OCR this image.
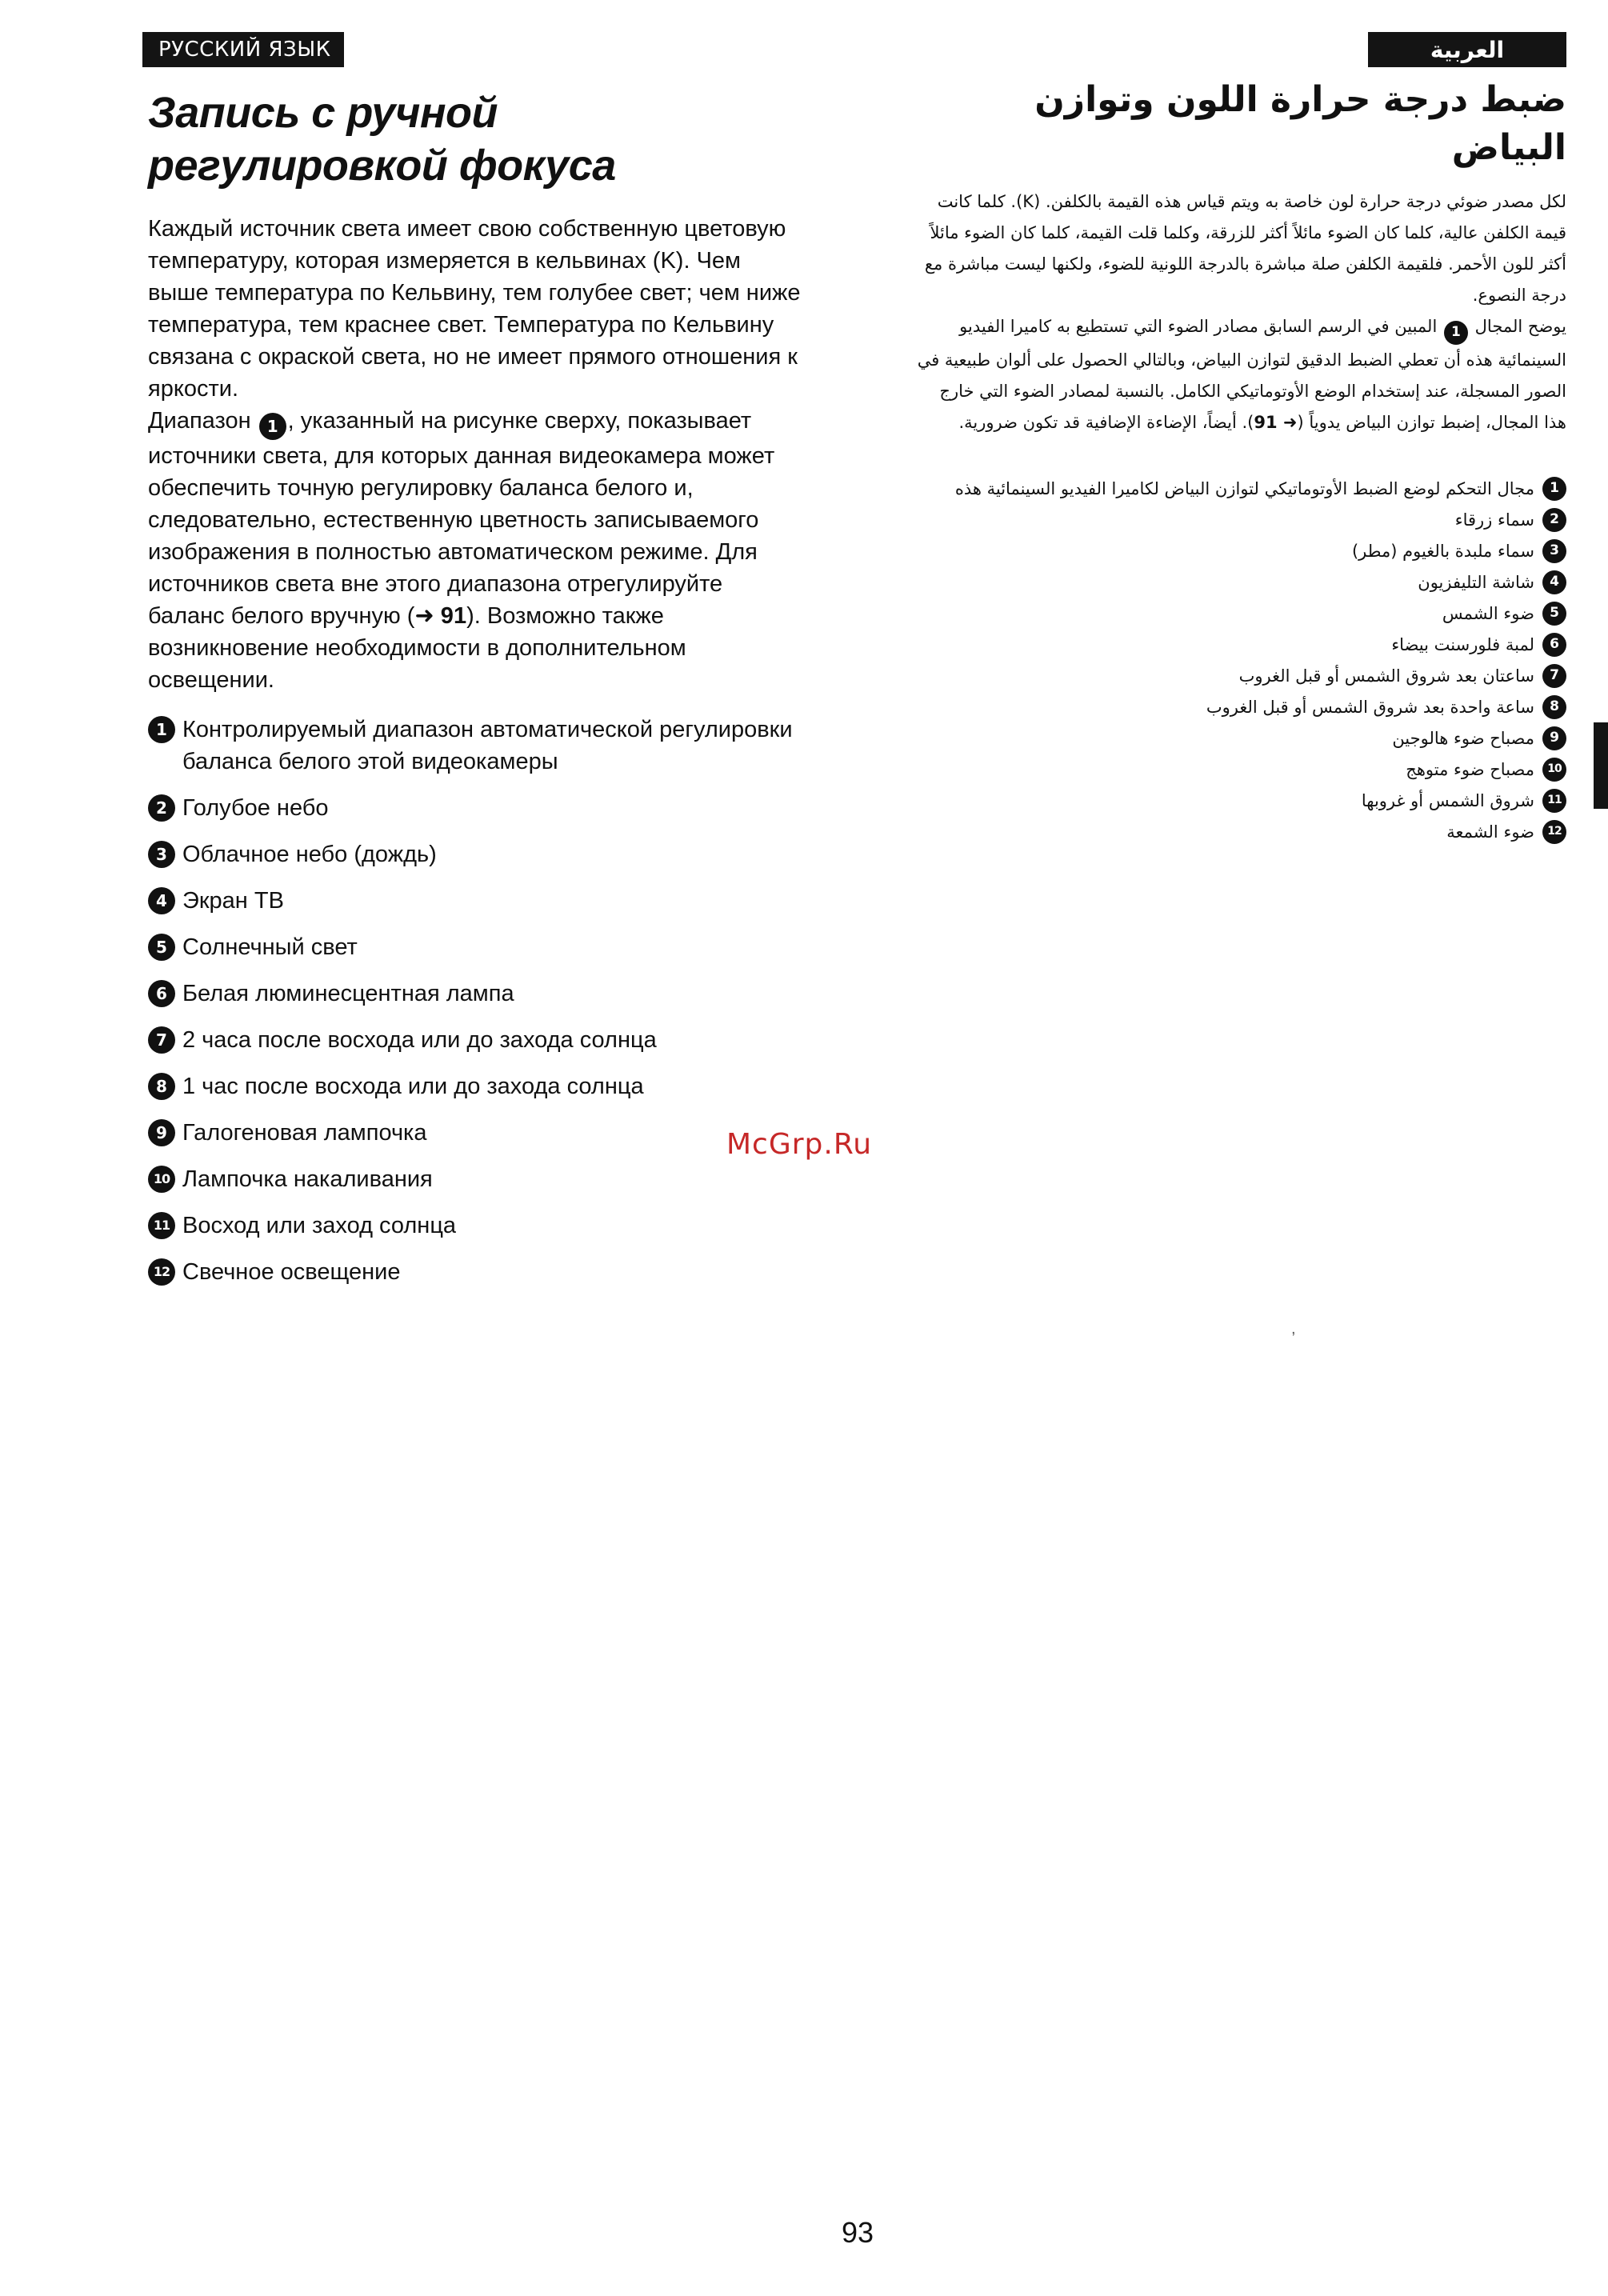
РУССКИЙ ЯЗЫК	العربية
Запись с ручной
регулировкой фокуса

Каждый источник света имеет свою собственную цветовую температуру, которая измеряется в кельвинах (K). Чем выше температура по Кельвину, тем голубее свет; чем ниже температура, тем краснее свет. Температура по Кельвину связана с окраской света, но не имеет прямого отношения к яркости.

Диапазон 1 , указанный на рисунке сверху, показывает источники света, для которых данная видеокамера может обеспечить точную регулировку баланса белого и, следовательно, естественную цветность записываемого изображения в полностью автоматическом режиме. Для источников света вне этого диапазона отрегулируйте баланс белого вручную (➜ 91). Возможно также возникновение необходимости в дополнительном освещении.

1 Контролируемый диапазон автоматической регулировки баланса белого этой видеокамеры
2 Голубое небо
3 Облачное небо (дождь)
4 Экран ТВ
5 Солнечный свет
6 Белая люминесцентная лампа
7 2 часа после восхода или до захода солнца
8 1 час после восхода или до захода солнца
9 Галогеновая лампочка
10 Лампочка накаливания
11 Восход или заход солнца
12 Свечное освещение
ضبط درجة حرارة اللون وتوازن البياض

لكل مصدر ضوئي درجة حرارة لون خاصة به ويتم قياس هذه القيمة بالكلفن. (K). كلما كانت قيمة الكلفن عالية، كلما كان الضوء مائلاً أكثر للزرقة، وكلما قلت القيمة، كلما كان الضوء مائلاً أكثر للون الأحمر. فلقيمة الكلفن صلة مباشرة بالدرجة اللونية للضوء، ولكنها ليست مباشرة مع درجة النصوع.

يوضح المجال 1 المبين في الرسم السابق مصادر الضوء التي تستطيع به كاميرا الفيديو السينمائية هذه أن تعطي الضبط الدقيق لتوازن البياض، وبالتالي الحصول على ألوان طبيعية في الصور المسجلة، عند إستخدام الوضع الأوتوماتيكي الكامل. بالنسبة لمصادر الضوء التي خارج هذا المجال، إضبط توازن البياض يدوياً (➜ 91). أيضاً، الإضاءة الإضافية قد تكون ضرورية.

1
مجال التحكم لوضع الضبط الأوتوماتيكي لتوازن البياض لكاميرا الفيديو السينمائية هذه
2
سماء زرقاء
3
سماء ملبدة بالغيوم (مطر)
4
شاشة التليفزيون
5
ضوء الشمس
6
لمبة فلورسنت بيضاء
7
ساعتان بعد شروق الشمس أو قبل الغروب
8
ساعة واحدة بعد شروق الشمس أو قبل الغروب
9
مصباح ضوء هالوجين
10
مصباح ضوء متوهج
11
شروق الشمس أو غروبها
12
ضوء الشمعة
McGrp.Ru
,
93
